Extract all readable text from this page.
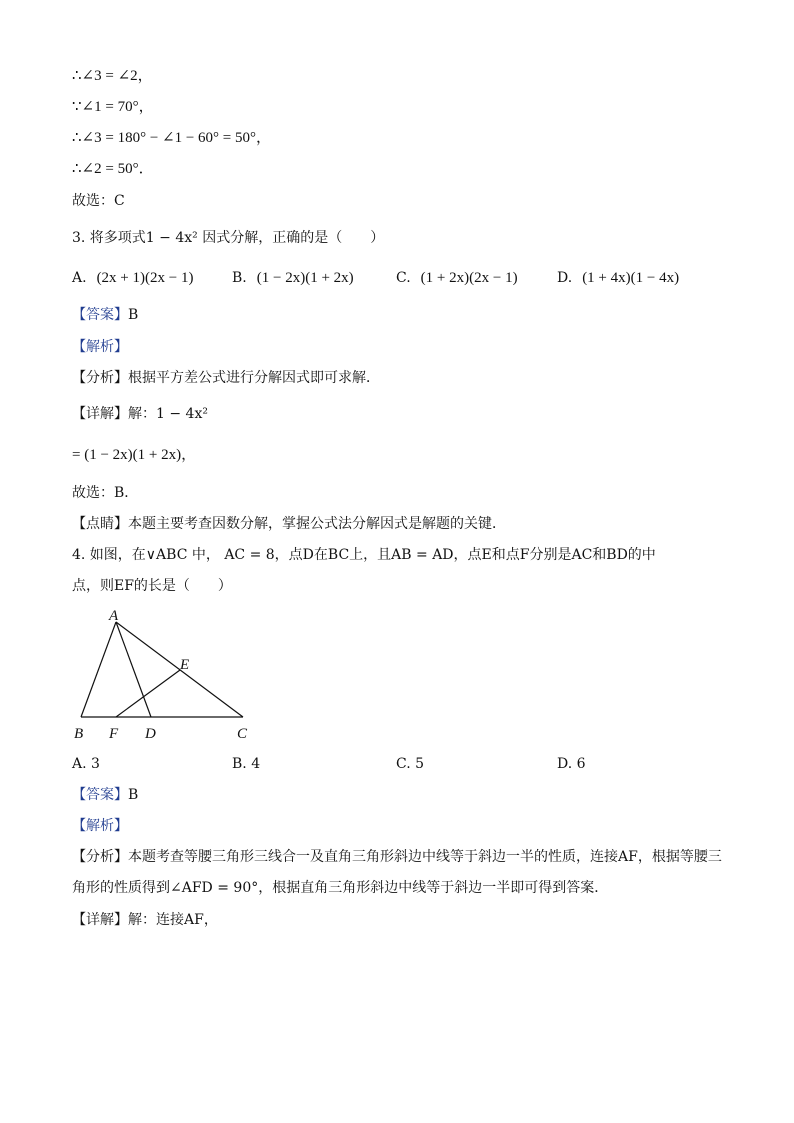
∴∠3 = ∠2，
∵∠1 = 70°，
∴∠3 = 180° − ∠1 − 60° = 50°，
∴∠2 = 50°．
故选：C
3. 将多项式1 − 4x² 因式分解，正确的是（　　）
A. (2x + 1)(2x − 1)	B. (1 − 2x)(1 + 2x)	C. (1 + 2x)(2x − 1)	D. (1 + 4x)(1 − 4x)
【答案】B
【解析】
【分析】根据平方差公式进行分解因式即可求解．
【详解】解：1 − 4x²
= (1 − 2x)(1 + 2x)，
故选：B．
【点睛】本题主要考查因数分解，掌握公式法分解因式是解题的关键．
4. 如图，在∨ABC 中， AC = 8，点D在BC上，且AB = AD，点E和点F分别是AC和BD的中
点，则EF的长是（　　）
A
B F D	C
E
A. 3	B. 4	C. 5	D. 6
【答案】B
【解析】
【分析】本题考查等腰三角形三线合一及直角三角形斜边中线等于斜边一半的性质，连接AF，根据等腰三
角形的性质得到∠AFD = 90°，根据直角三角形斜边中线等于斜边一半即可得到答案．
【详解】解：连接AF，
